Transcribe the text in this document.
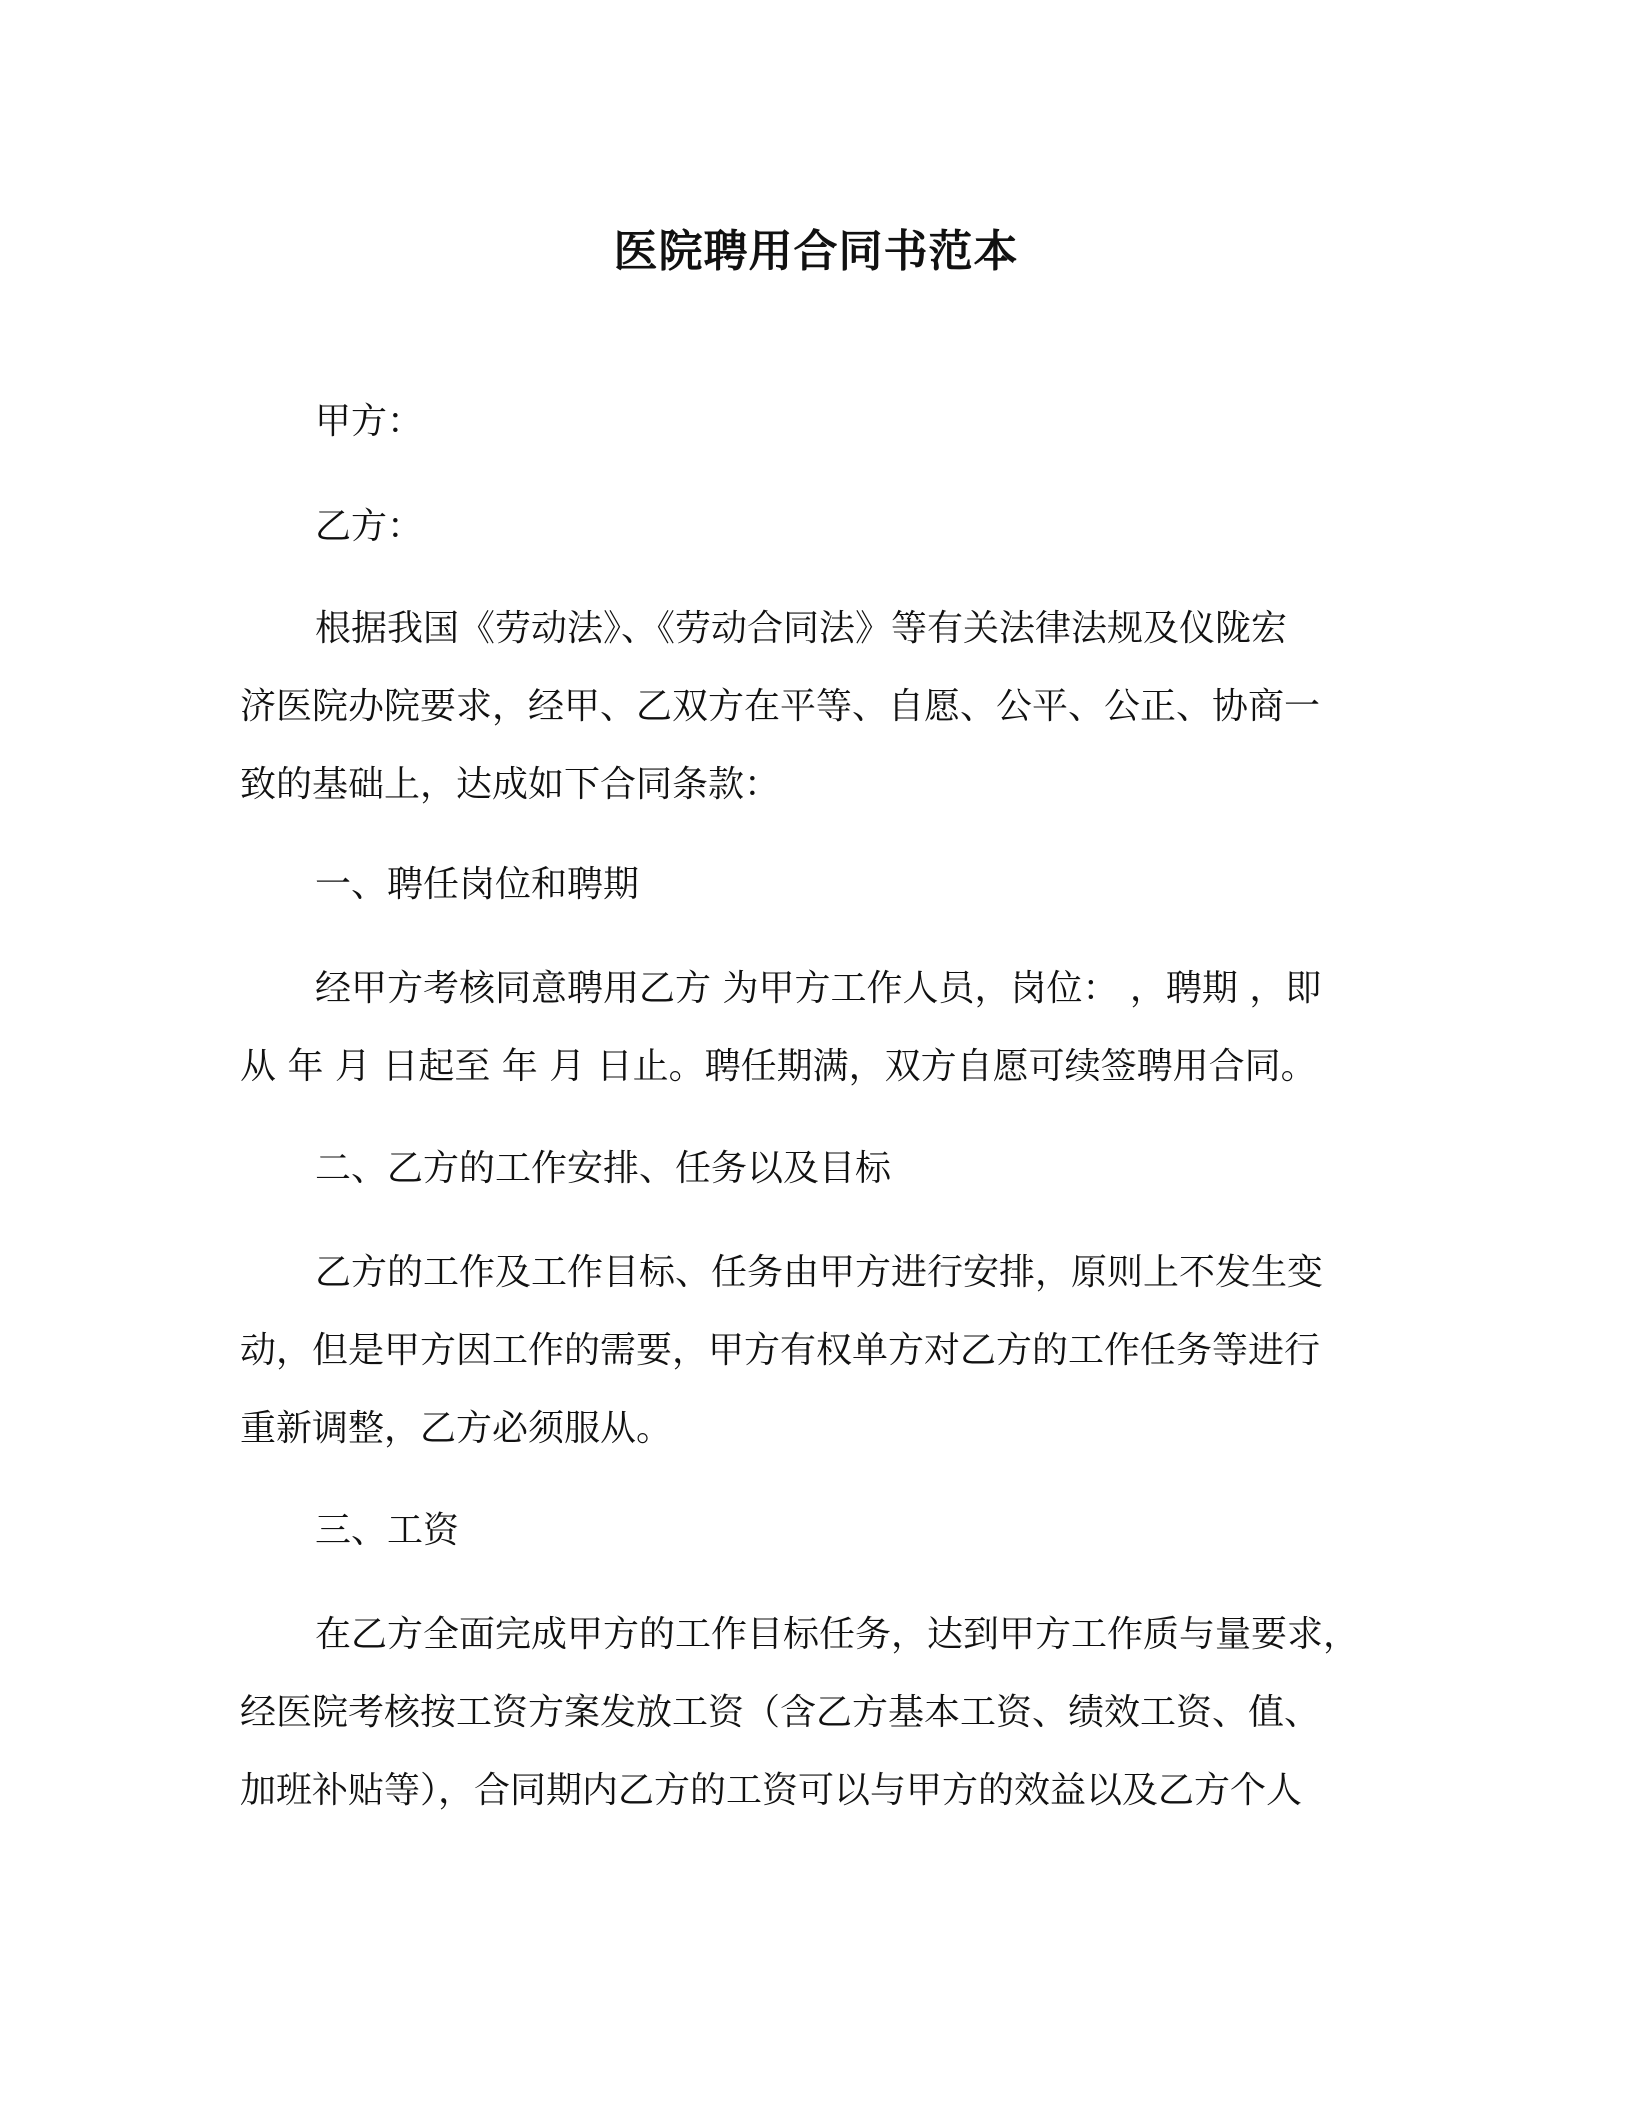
医院聘用合同书范本
甲方：
乙方：
根据我国《劳动法》、《劳动合同法》等有关法律法规及仪陇宏
济医院办院要求，经甲、乙双方在平等、自愿、公平、公正、协商一
致的基础上，达成如下合同条款：
一、聘任岗位和聘期
经甲方考核同意聘用乙方 为甲方工作人员，岗位： ，聘期 ，即
从 年 月 日起至 年 月 日止。聘任期满，双方自愿可续签聘用合同。
二、乙方的工作安排、任务以及目标
乙方的工作及工作目标、任务由甲方进行安排，原则上不发生变
动，但是甲方因工作的需要，甲方有权单方对乙方的工作任务等进行
重新调整，乙方必须服从。
三、工资
在乙方全面完成甲方的工作目标任务，达到甲方工作质与量要求，
经医院考核按工资方案发放工资（含乙方基本工资、绩效工资、值、
加班补贴等），合同期内乙方的工资可以与甲方的效益以及乙方个人
